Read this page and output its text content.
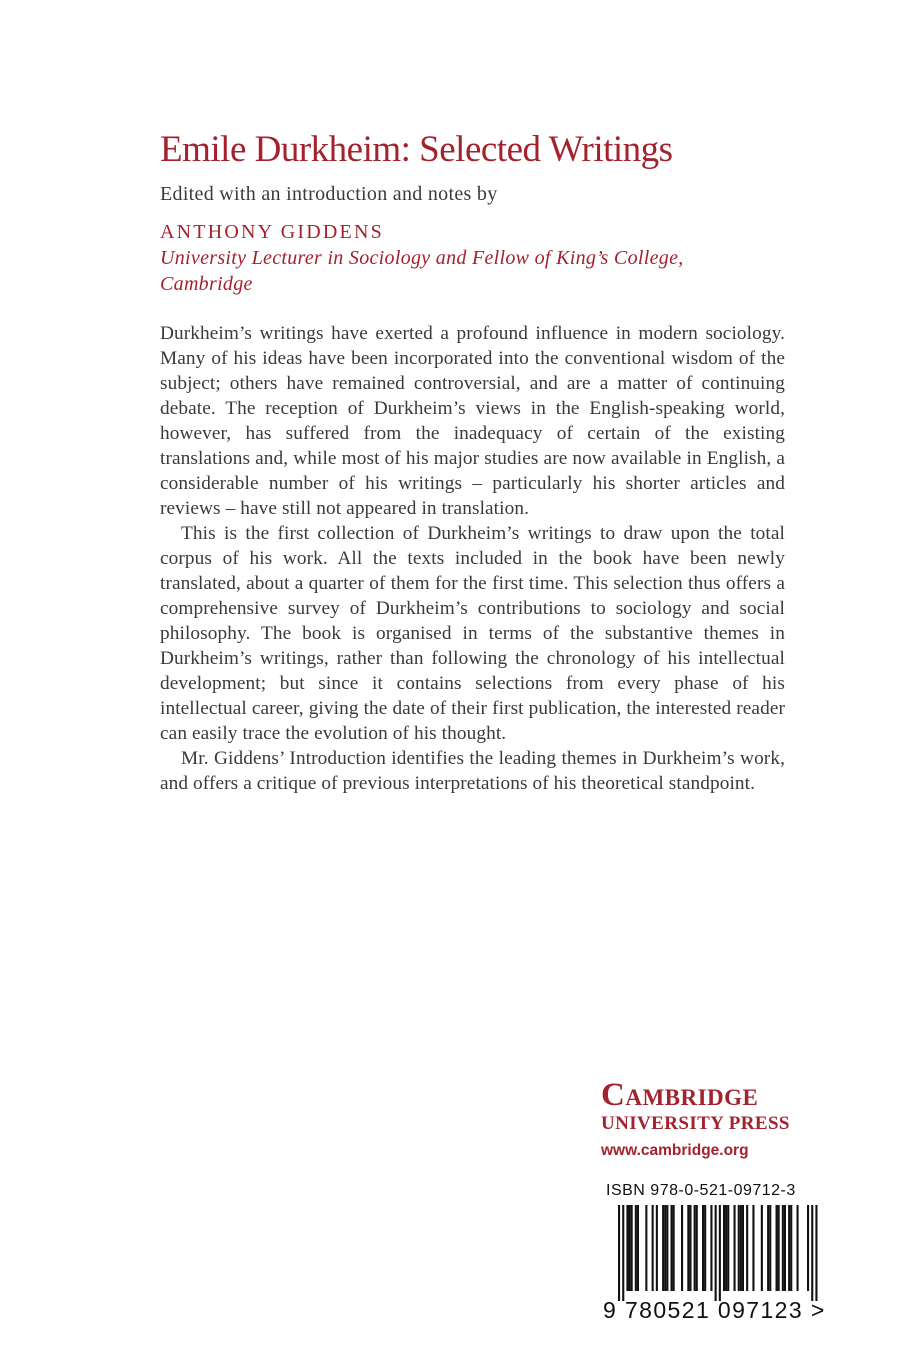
Emile Durkheim: Selected Writings
Edited with an introduction and notes by
ANTHONY GIDDENS
University Lecturer in Sociology and Fellow of King’s College,
Cambridge

Durkheim’s writings have exerted a profound influence in modern sociology. Many of his ideas have been incorporated into the conventional wisdom of the subject; others have remained controversial, and are a matter of continuing debate. The reception of Durkheim’s views in the English-speaking world, however, has suffered from the inadequacy of certain of the existing translations and, while most of his major studies are now available in English, a considerable number of his writings – particularly his shorter articles and reviews – have still not appeared in translation.

This is the first collection of Durkheim’s writings to draw upon the total corpus of his work. All the texts included in the book have been newly translated, about a quarter of them for the first time. This selection thus offers a comprehensive survey of Durkheim’s contributions to sociology and social philosophy. The book is organised in terms of the substantive themes in Durkheim’s writings, rather than following the chronology of his intellectual development; but since it contains selections from every phase of his intellectual career, giving the date of their first publication, the interested reader can easily trace the evolution of his thought.

Mr. Giddens’ Introduction identifies the leading themes in Durkheim’s work, and offers a critique of previous interpretations of his theoretical standpoint.

Cambridge
UNIVERSITY PRESS
www.cambridge.org
ISBN 978-0-521-09712-3
9 780521 097123 >
